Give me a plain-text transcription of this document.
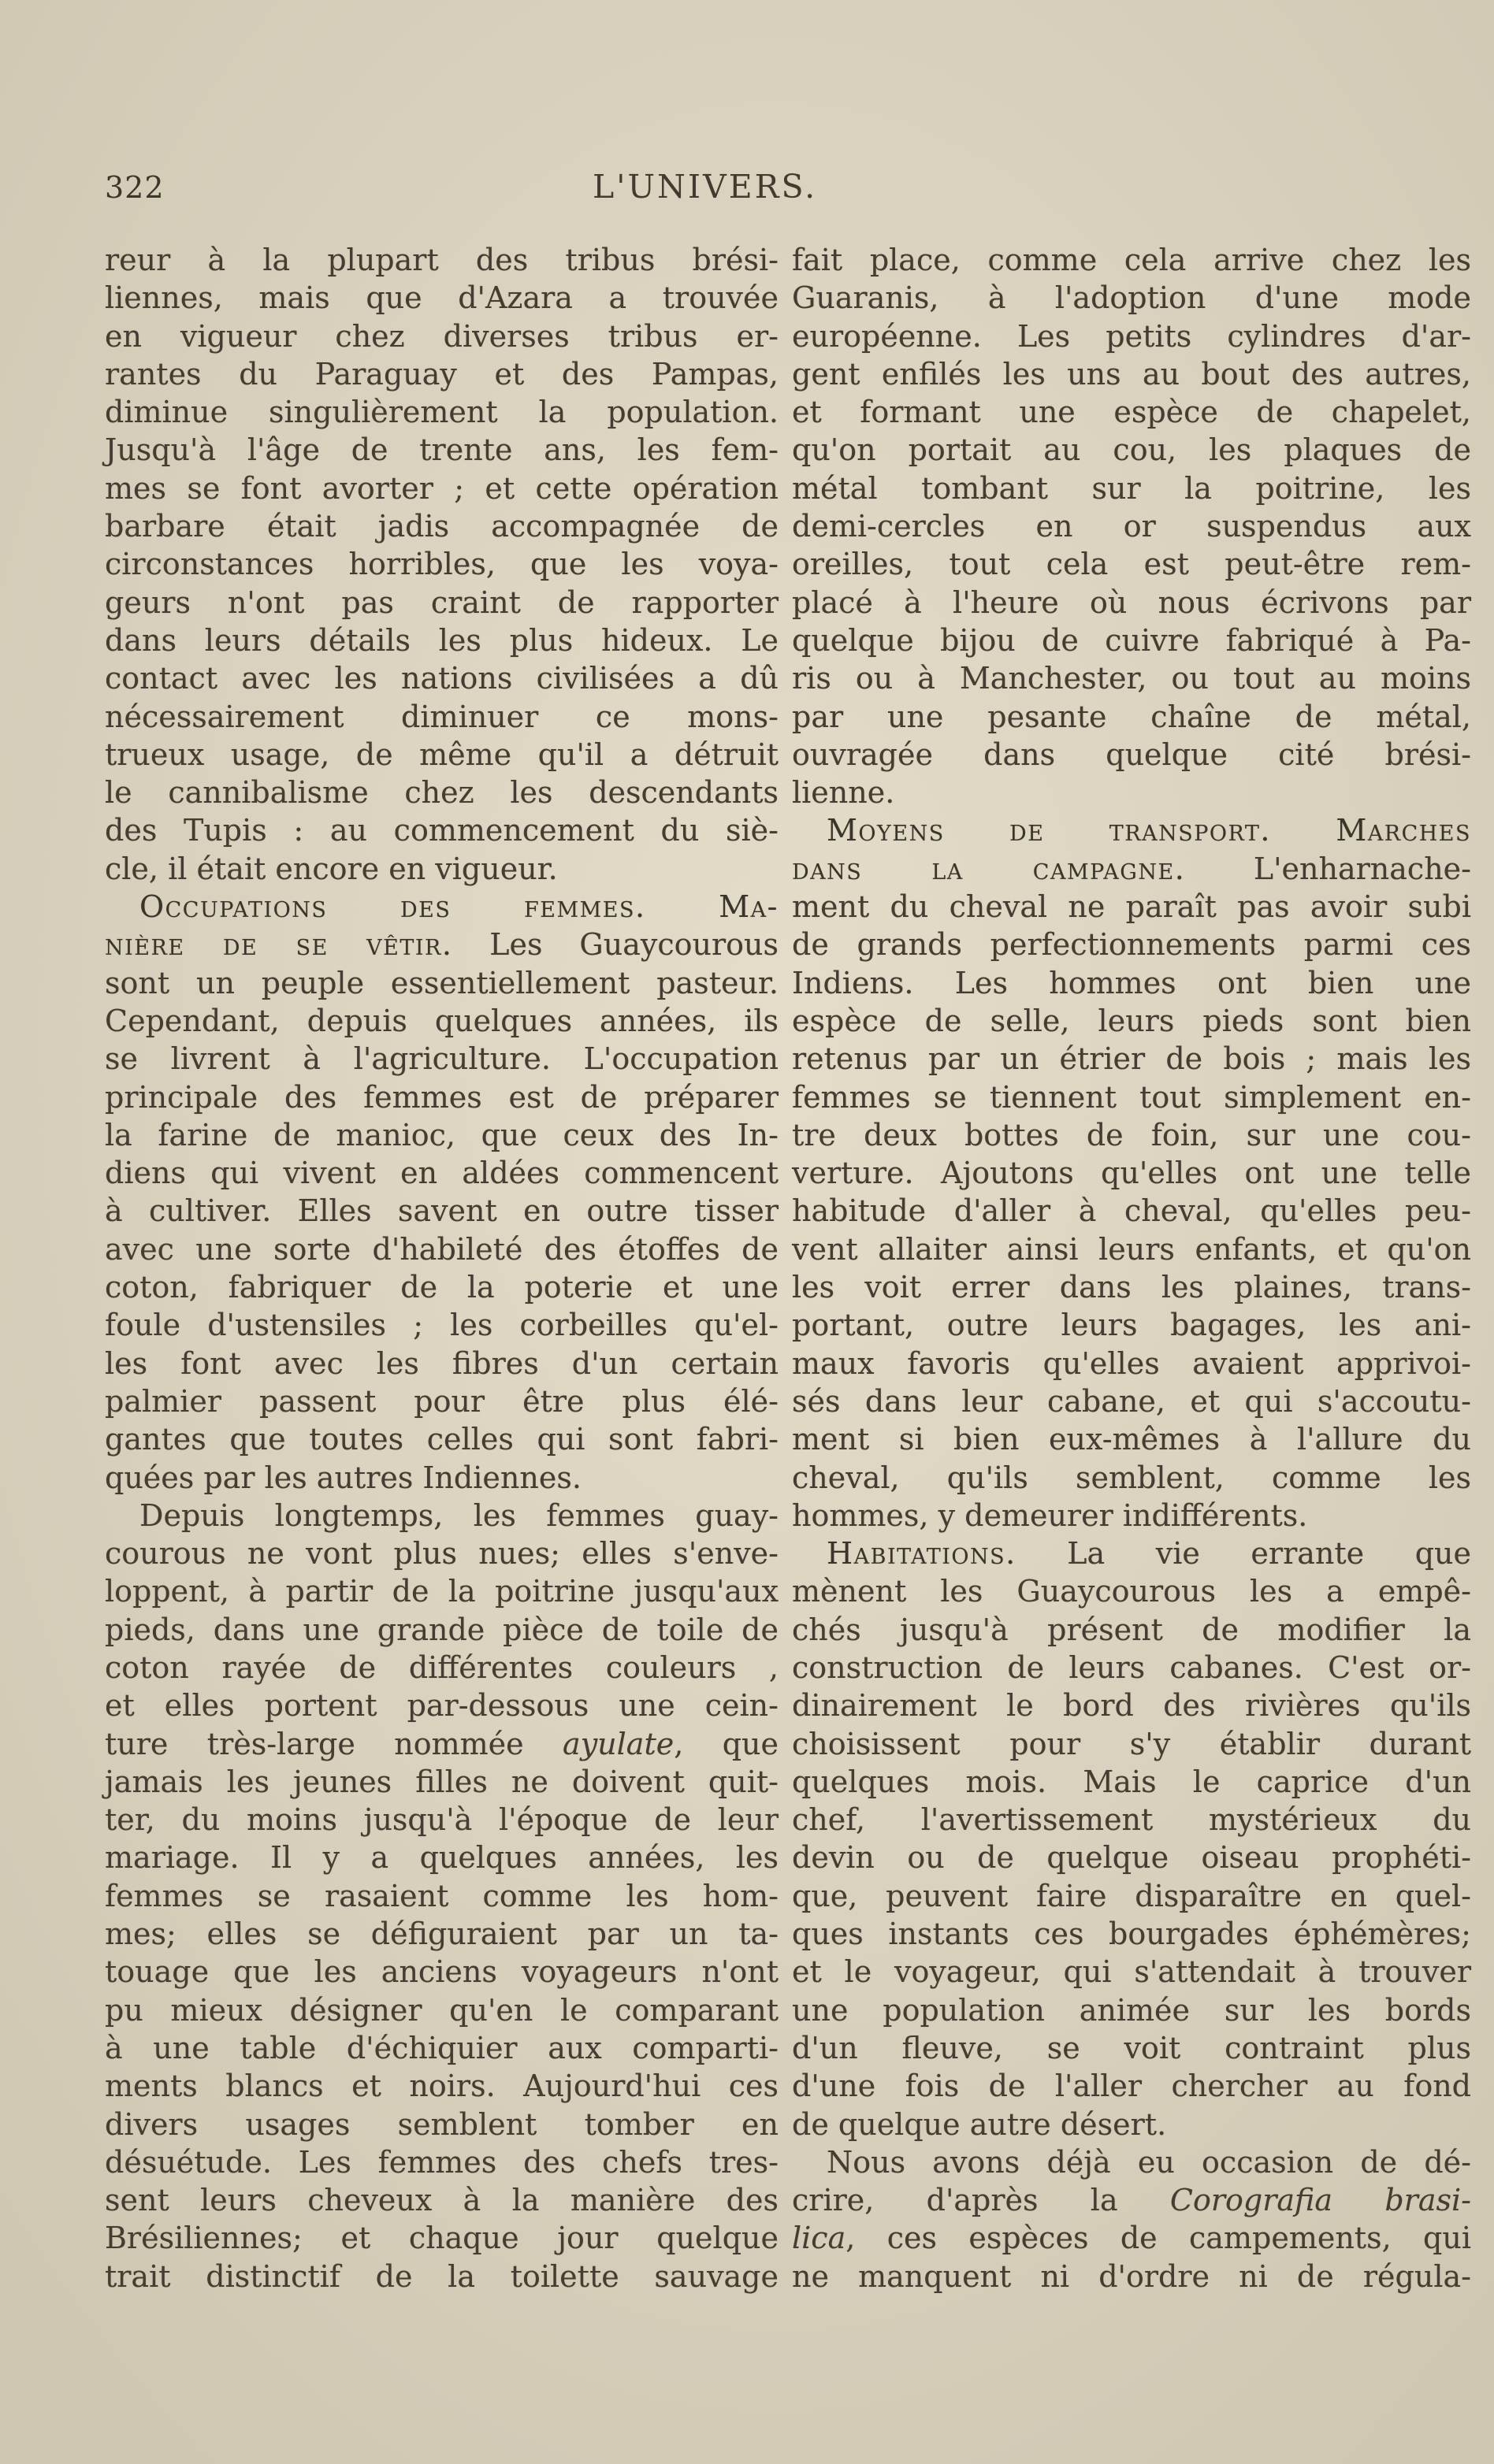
322	L'UNIVERS.
reur à la plupart des tribus brési-
liennes, mais que d'Azara a trouvée
en vigueur chez diverses tribus er-
rantes du Paraguay et des Pampas,
diminue singulièrement la population.
Jusqu'à l'âge de trente ans, les fem-
mes se font avorter ; et cette opération
barbare était jadis accompagnée de
circonstances horribles, que les voya-
geurs n'ont pas craint de rapporter
dans leurs détails les plus hideux. Le
contact avec les nations civilisées a dû
nécessairement diminuer ce mons-
trueux usage, de même qu'il a détruit
le cannibalisme chez les descendants
des Tupis : au commencement du siè-
cle, il était encore en vigueur.
Occupations des femmes. Ma-
nière de se vêtir. Les Guaycourous
sont un peuple essentiellement pasteur.
Cependant, depuis quelques années, ils
se livrent à l'agriculture. L'occupation
principale des femmes est de préparer
la farine de manioc, que ceux des In-
diens qui vivent en aldées commencent
à cultiver. Elles savent en outre tisser
avec une sorte d'habileté des étoffes de
coton, fabriquer de la poterie et une
foule d'ustensiles ; les corbeilles qu'el-
les font avec les fibres d'un certain
palmier passent pour être plus élé-
gantes que toutes celles qui sont fabri-
quées par les autres Indiennes.
Depuis longtemps, les femmes guay-
courous ne vont plus nues; elles s'enve-
loppent, à partir de la poitrine jusqu'aux
pieds, dans une grande pièce de toile de
coton rayée de différentes couleurs ,
et elles portent par-dessous une cein-
ture très-large nommée ayulate, que
jamais les jeunes filles ne doivent quit-
ter, du moins jusqu'à l'époque de leur
mariage. Il y a quelques années, les
femmes se rasaient comme les hom-
mes; elles se défiguraient par un ta-
touage que les anciens voyageurs n'ont
pu mieux désigner qu'en le comparant
à une table d'échiquier aux comparti-
ments blancs et noirs. Aujourd'hui ces
divers usages semblent tomber en
désuétude. Les femmes des chefs tres-
sent leurs cheveux à la manière des
Brésiliennes; et chaque jour quelque
trait distinctif de la toilette sauvage
fait place, comme cela arrive chez les
Guaranis, à l'adoption d'une mode
européenne. Les petits cylindres d'ar-
gent enfilés les uns au bout des autres,
et formant une espèce de chapelet,
qu'on portait au cou, les plaques de
métal tombant sur la poitrine, les
demi-cercles en or suspendus aux
oreilles, tout cela est peut-être rem-
placé à l'heure où nous écrivons par
quelque bijou de cuivre fabriqué à Pa-
ris ou à Manchester, ou tout au moins
par une pesante chaîne de métal,
ouvragée dans quelque cité brési-
lienne.
Moyens de transport. Marches
dans la campagne. L'enharnache-
ment du cheval ne paraît pas avoir subi
de grands perfectionnements parmi ces
Indiens. Les hommes ont bien une
espèce de selle, leurs pieds sont bien
retenus par un étrier de bois ; mais les
femmes se tiennent tout simplement en-
tre deux bottes de foin, sur une cou-
verture. Ajoutons qu'elles ont une telle
habitude d'aller à cheval, qu'elles peu-
vent allaiter ainsi leurs enfants, et qu'on
les voit errer dans les plaines, trans-
portant, outre leurs bagages, les ani-
maux favoris qu'elles avaient apprivoi-
sés dans leur cabane, et qui s'accoutu-
ment si bien eux-mêmes à l'allure du
cheval, qu'ils semblent, comme les
hommes, y demeurer indifférents.
Habitations. La vie errante que
mènent les Guaycourous les a empê-
chés jusqu'à présent de modifier la
construction de leurs cabanes. C'est or-
dinairement le bord des rivières qu'ils
choisissent pour s'y établir durant
quelques mois. Mais le caprice d'un
chef, l'avertissement mystérieux du
devin ou de quelque oiseau prophéti-
que, peuvent faire disparaître en quel-
ques instants ces bourgades éphémères;
et le voyageur, qui s'attendait à trouver
une population animée sur les bords
d'un fleuve, se voit contraint plus
d'une fois de l'aller chercher au fond
de quelque autre désert.
Nous avons déjà eu occasion de dé-
crire, d'après la Corografia brasi-
lica, ces espèces de campements, qui
ne manquent ni d'ordre ni de régula-
